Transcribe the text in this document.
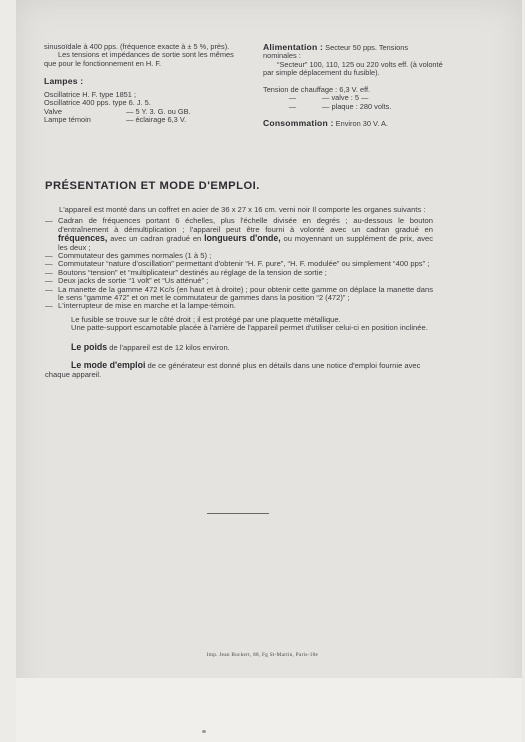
sinusoïdale à 400 pps. (fréquence exacte à ± 5 %, près).

Les tensions et impédances de sortie sont les mêmes que pour le fonctionnement en H. F.

Lampes :

Oscillatrice H. F. type 1851 ;
Oscillatrice 400 pps. type 6. J. 5.
Valve	— 5 Y. 3. G. ou GB.
Lampe témoin	— éclairage 6,3 V.

Alimentation : Secteur 50 pps. Tensions nominales :

“Secteur” 100, 110, 125 ou 220 volts eff. (à volonté par simple déplacement du fusible).

Tension de chauffage : 6,3 V. eff.

—	— valve : 5 —
—	— plaque : 280 volts.

Consommation : Environ 30 V. A.

PRÉSENTATION ET MODE D'EMPLOI.

L'appareil est monté dans un coffret en acier de 36 x 27 x 16 cm. verni noir Il comporte les organes suivants :

— Cadran de fréquences portant 6 échelles, plus l'échelle divisée en degrés ; au-dessous le bouton d'entraînement à démultiplication ; l'appareil peut être fourni à volonté avec un cadran gradué en fréquences, avec un cadran gradué en longueurs d'onde, ou moyennant un supplément de prix, avec les deux ;
— Commutateur des gammes normales (1 à 5) ;
— Commutateur “nature d'oscillation” permettant d'obtenir “H. F. pure”, “H. F. modulée” ou simplement “400 pps” ;
— Boutons “tension” et “multiplicateur” destinés au réglage de la tension de sortie ;
— Deux jacks de sortie “1 volt” et “Us atténué” ;
— La manette de la gamme 472 Kc/s (en haut et à droite) ; pour obtenir cette gamme on déplace la manette dans le sens “gamme 472” et on met le commutateur de gammes dans la position “2 (472)” ;
— L'interrupteur de mise en marche et la lampe-témoin.

Le fusible se trouve sur le côté droit ; il est protégé par une plaquette métallique.

Une patte-support escamotable placée à l'arrière de l'appareil permet d'utiliser celui-ci en position inclinée.

Le poids de l'appareil est de 12 kilos environ.

Le mode d'emploi de ce générateur est donné plus en détails dans une notice d'emploi fournie avec chaque appareil.

Imp. Jean Buckert, 88, Fg St-Martin, Paris-10e
